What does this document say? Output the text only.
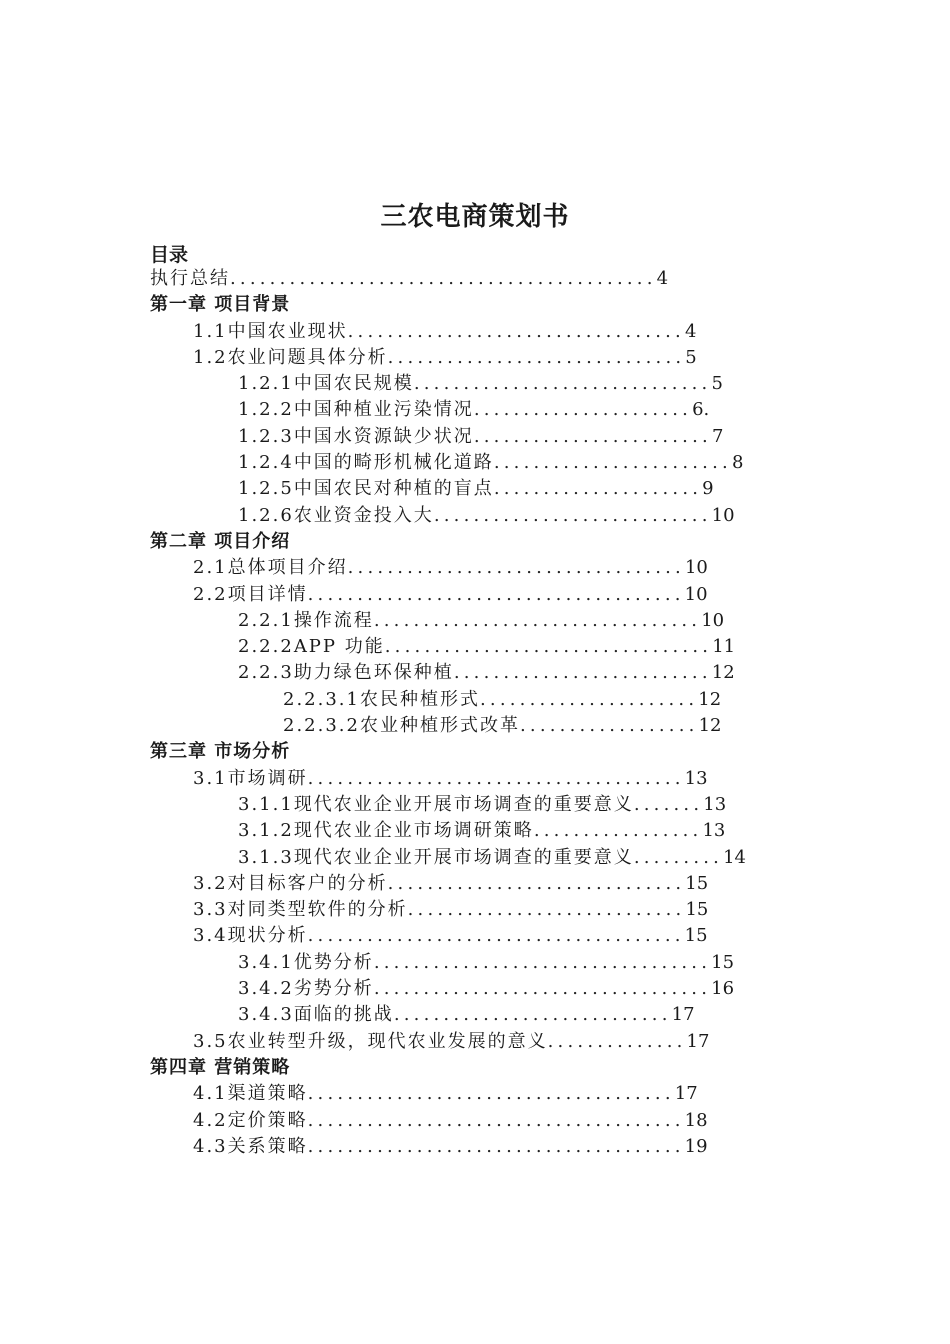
三农电商策划书
目录
执行总结...........................................4
第一章 项目背景
1.1中国农业现状..................................4
1.2农业问题具体分析..............................5
1.2.1中国农民规模..............................5
1.2.2中国种植业污染情况......................6.
1.2.3中国水资源缺少状况........................7
1.2.4中国的畸形机械化道路........................8
1.2.5中国农民对种植的盲点.....................9
1.2.6农业资金投入大............................10
第二章 项目介绍
2.1总体项目介绍..................................10
2.2项目详情......................................10
2.2.1操作流程.................................10
2.2.2APP 功能.................................11
2.2.3助力绿色环保种植..........................12
2.2.3.1农民种植形式......................12
2.2.3.2农业种植形式改革..................12
第三章 市场分析
3.1市场调研......................................13
3.1.1现代农业企业开展市场调查的重要意义.......13
3.1.2现代农业企业市场调研策略.................13
3.1.3现代农业企业开展市场调查的重要意义.........14
3.2对目标客户的分析..............................15
3.3对同类型软件的分析............................15
3.4现状分析......................................15
3.4.1优势分析..................................15
3.4.2劣势分析..................................16
3.4.3面临的挑战............................17
3.5农业转型升级，现代农业发展的意义..............17
第四章 营销策略
4.1渠道策略.....................................17
4.2定价策略......................................18
4.3关系策略......................................19
